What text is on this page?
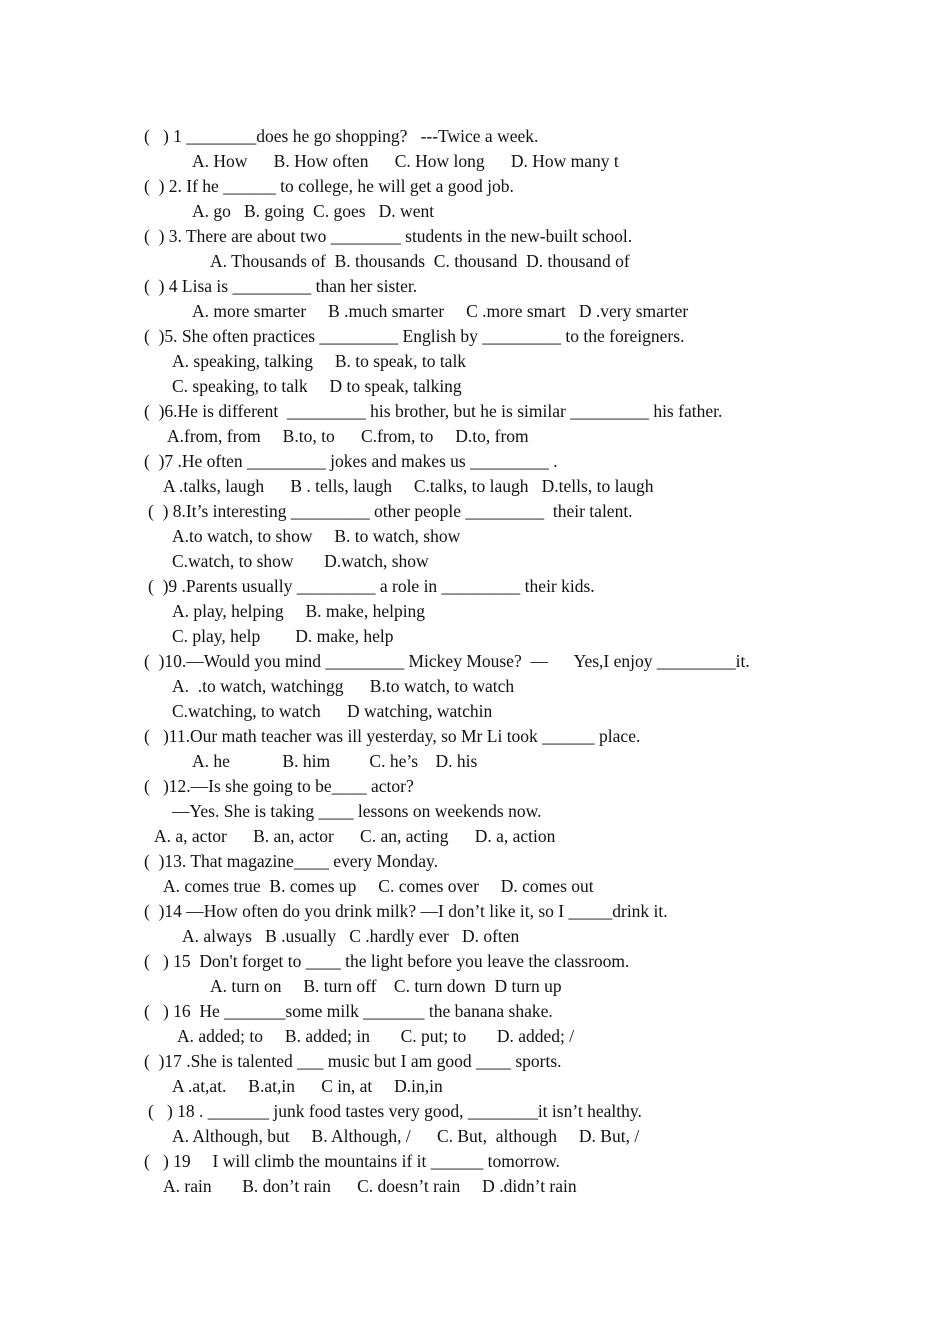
(   ) 1 ________does he go shopping?   ---Twice a week.
A. How      B. How often      C. How long      D. How many t
(  ) 2. If he ______ to college, he will get a good job.
A. go   B. going  C. goes   D. went
(  ) 3. There are about two ________ students in the new-built school.
A. Thousands of  B. thousands  C. thousand  D. thousand of
(  ) 4 Lisa is _________ than her sister.
A. more smarter     B .much smarter     C .more smart   D .very smarter
(  )5. She often practices _________ English by _________ to the foreigners.
A. speaking, talking     B. to speak, to talk
C. speaking, to talk     D to speak, talking
(  )6.He is different  _________ his brother, but he is similar _________ his father.
A.from, from     B.to, to      C.from, to     D.to, from
(  )7 .He often _________ jokes and makes us _________ .
A .talks, laugh      B . tells, laugh     C.talks, to laugh   D.tells, to laugh
(  ) 8.It’s interesting _________ other people _________  their talent.
A.to watch, to show     B. to watch, show
C.watch, to show       D.watch, show
(  )9 .Parents usually _________ a role in _________ their kids.
A. play, helping     B. make, helping
C. play, help        D. make, help
(  )10.—Would you mind _________ Mickey Mouse?  —      Yes,I enjoy _________it.
A.  .to watch, watchingg      B.to watch, to watch
C.watching, to watch      D watching, watchin
(   )11.Our math teacher was ill yesterday, so Mr Li took ______ place.
A. he            B. him         C. he’s    D. his
(   )12.—Is she going to be____ actor?
—Yes. She is taking ____ lessons on weekends now.
A. a, actor      B. an, actor      C. an, acting      D. a, action
(  )13. That magazine____ every Monday.
A. comes true  B. comes up     C. comes over     D. comes out
(  )14 —How often do you drink milk? —I don’t like it, so I _____drink it.
A. always   B .usually   C .hardly ever   D. often
(   ) 15  Don't forget to ____ the light before you leave the classroom.
A. turn on     B. turn off    C. turn down  D turn up
(   ) 16  He _______some milk _______ the banana shake.
A. added; to     B. added; in       C. put; to       D. added; /
(  )17 .She is talented ___ music but I am good ____ sports.
A .at,at.     B.at,in      C in, at     D.in,in
(   ) 18 . _______ junk food tastes very good, ________it isn’t healthy.
A. Although, but     B. Although, /      C. But,  although     D. But, /
(   ) 19     I will climb the mountains if it ______ tomorrow.
A. rain       B. don’t rain      C. doesn’t rain     D .didn’t rain
